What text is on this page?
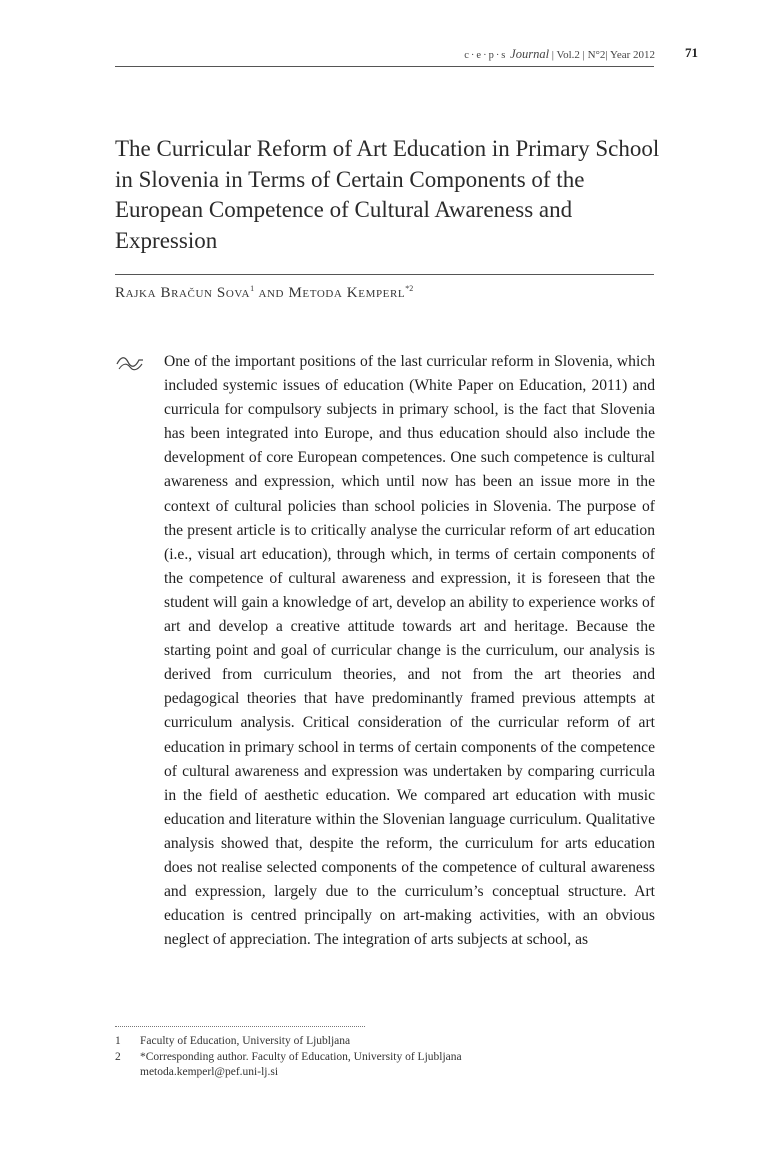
c·e·p·s Journal | Vol.2 | N°2| Year 2012	71
The Curricular Reform of Art Education in Primary School in Slovenia in Terms of Certain Components of the European Competence of Cultural Awareness and Expression
Rajka Bračun Sova$^1$ and Metoda Kemperl$^{*2}$

One of the important positions of the last curricular reform in Slovenia, which included systemic issues of education (White Paper on Education, 2011) and curricula for compulsory subjects in primary school, is the fact that Slovenia has been integrated into Europe, and thus education should also include the development of core European competences. One such competence is cultural awareness and expression, which until now has been an issue more in the context of cultural policies than school policies in Slovenia. The purpose of the present article is to critically analyse the curricular reform of art education (i.e., visual art education), through which, in terms of certain components of the competence of cultural awareness and expression, it is foreseen that the student will gain a knowledge of art, develop an ability to experience works of art and develop a creative attitude towards art and heritage. Because the starting point and goal of curricular change is the curriculum, our analysis is derived from curriculum theories, and not from the art theories and pedagogical theories that have predominantly framed previous attempts at curriculum analysis. Critical consideration of the curricular reform of art education in primary school in terms of certain components of the competence of cultural awareness and expression was undertaken by comparing curricula in the field of aesthetic education. We compared art education with music education and literature within the Slovenian language curriculum. Qualitative analysis showed that, despite the reform, the curriculum for arts education does not realise selected components of the competence of cultural awareness and expression, largely due to the curriculum’s conceptual structure. Art education is centred principally on art-making activities, with an obvious neglect of appreciation. The integration of arts subjects at school, as

1	Faculty of Education, University of Ljubljana
2	*Corresponding author. Faculty of Education, University of Ljubljana
metoda.kemperl@pef.uni-lj.si
